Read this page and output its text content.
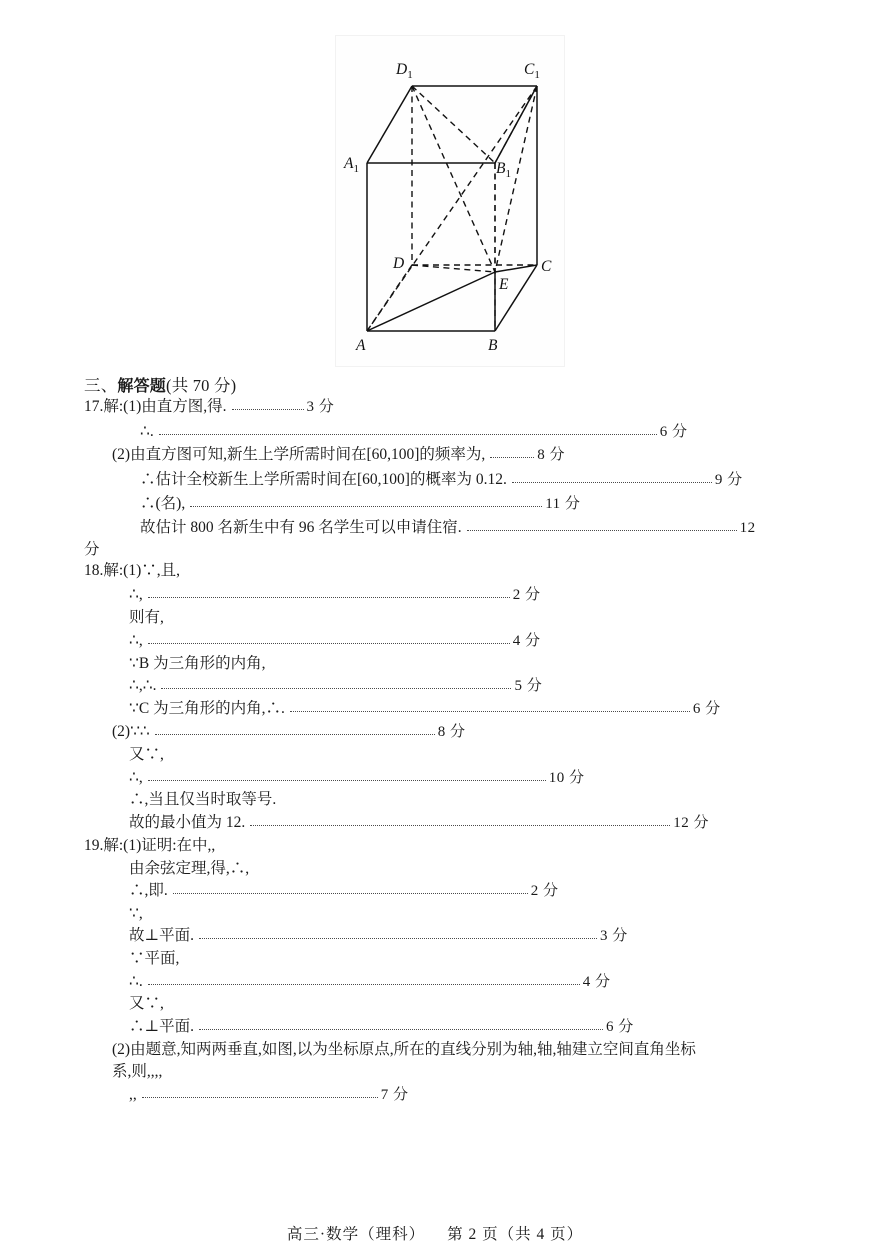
$D_1$	$C_1$
$A_1$	$B_1$
D	C
A	B
E
三、解答题(共 70 分)
17.解:(1)由直方图,得.	3 分
∴.	6 分
(2)由直方图可知,新生上学所需时间在[60,100]的频率为,	8 分
∴估计全校新生上学所需时间在[60,100]的概率为 0.12.	9 分
∴(名),	11 分
故估计 800 名新生中有 96 名学生可以申请住宿.	12
分
18.解:(1)∵,且,
∴,	2 分
则有,
∴,	4 分
∵B 为三角形的内角,
∴,∴.	5 分
∵C 为三角形的内角,∴.	6 分
(2)∵∴	8 分
又∵,
∴,	10 分
∴,当且仅当时取等号.
故的最小值为 12.	12 分
19.解:(1)证明:在中,,
由余弦定理,得,∴,
∴,即.	2 分
∵,
故⊥平面.	3 分
∵平面,
∴.	4 分
又∵,
∴⊥平面.	6 分
(2)由题意,知两两垂直,如图,以为坐标原点,所在的直线分别为轴,轴,轴建立空间直角坐标
系,则,,,,
,,	7 分
高三·数学（理科） 第 2 页（共 4 页）
